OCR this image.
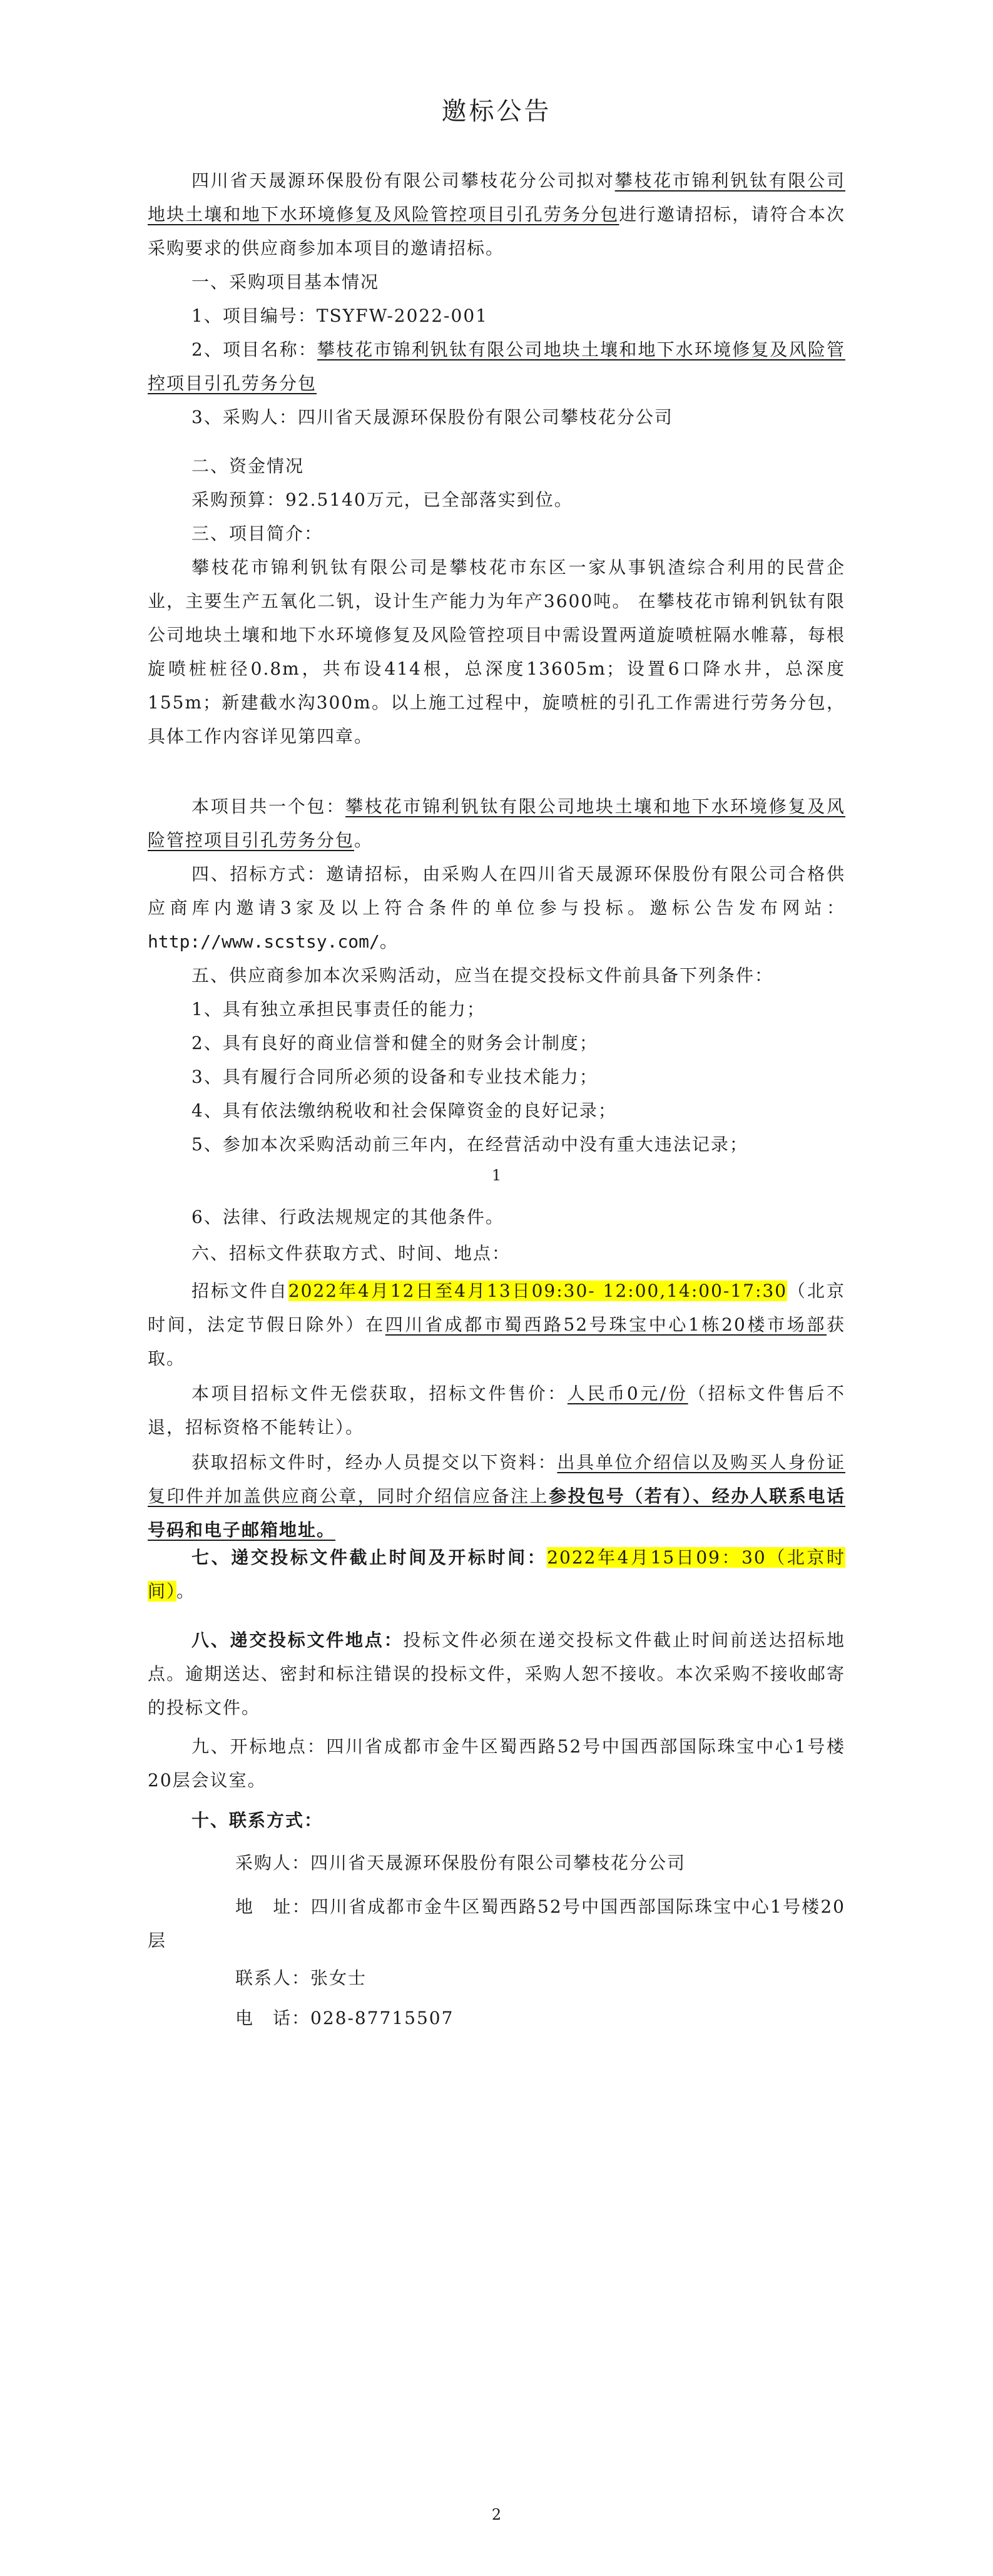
邀标公告
四川省天晟源环保股份有限公司攀枝花分公司拟对攀枝花市锦利钒钛有限公司地块土壤和地下水环境修复及风险管控项目引孔劳务分包进行邀请招标，请符合本次采购要求的供应商参加本项目的邀请招标。
一、采购项目基本情况
1、项目编号：TSYFW-2022-001
2、项目名称：攀枝花市锦利钒钛有限公司地块土壤和地下水环境修复及风险管控项目引孔劳务分包
3、采购人：四川省天晟源环保股份有限公司攀枝花分公司
二、资金情况
采购预算：92.5140万元，已全部落实到位。
三、项目简介：
攀枝花市锦利钒钛有限公司是攀枝花市东区一家从事钒渣综合利用的民营企业，主要生产五氧化二钒，设计生产能力为年产3600吨。 在攀枝花市锦利钒钛有限公司地块土壤和地下水环境修复及风险管控项目中需设置两道旋喷桩隔水帷幕，每根旋喷桩桩径0.8m，共布设414根，总深度13605m；设置6口降水井，总深度155m；新建截水沟300m。以上施工过程中，旋喷桩的引孔工作需进行劳务分包，具体工作内容详见第四章。
本项目共一个包：攀枝花市锦利钒钛有限公司地块土壤和地下水环境修复及风险管控项目引孔劳务分包。
四、招标方式：邀请招标，由采购人在四川省天晟源环保股份有限公司合格供应商库内邀请3家及以上符合条件的单位参与投标。邀标公告发布网站：http://www.scstsy.com/。
五、供应商参加本次采购活动，应当在提交投标文件前具备下列条件：
1、具有独立承担民事责任的能力；
2、具有良好的商业信誉和健全的财务会计制度；
3、具有履行合同所必须的设备和专业技术能力；
4、具有依法缴纳税收和社会保障资金的良好记录；
5、参加本次采购活动前三年内，在经营活动中没有重大违法记录；
1
6、法律、行政法规规定的其他条件。
六、招标文件获取方式、时间、地点：
招标文件自2022年4月12日至4月13日09:30- 12:00,14:00-17:30（北京时间，法定节假日除外）在四川省成都市蜀西路52号珠宝中心1栋20楼市场部获取。
本项目招标文件无偿获取，招标文件售价：人民币0元/份（招标文件售后不退，招标资格不能转让）。
获取招标文件时，经办人员提交以下资料：出具单位介绍信以及购买人身份证复印件并加盖供应商公章，同时介绍信应备注上参投包号（若有）、经办人联系电话号码和电子邮箱地址。
七、递交投标文件截止时间及开标时间：2022年4月15日09：30（北京时间）。
八、递交投标文件地点：投标文件必须在递交投标文件截止时间前送达招标地点。逾期送达、密封和标注错误的投标文件，采购人恕不接收。本次采购不接收邮寄的投标文件。
九、开标地点：四川省成都市金牛区蜀西路52号中国西部国际珠宝中心1号楼20层会议室。
十、联系方式：
采购人：四川省天晟源环保股份有限公司攀枝花分公司
地　址：四川省成都市金牛区蜀西路52号中国西部国际珠宝中心1号楼20层
联系人：张女士
电　话：028-87715507
2
